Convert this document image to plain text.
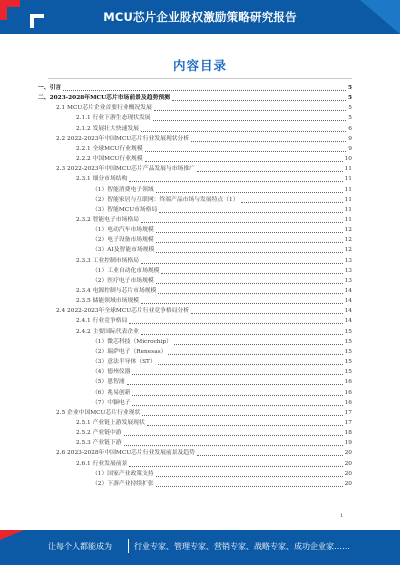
MCU芯片企业股权激励策略研究报告
内容目录
一、引言	5
二、2023-2028年MCU芯片市场前景及趋势预测	5
2.1 MCU芯片企业首要行业概况发展	5
2.1.1 行业下游生态现状发展	5
2.1.2 发展壮大快速发展	6
2.2 2022-2023年中国MCU芯片行业发展现状分析	9
2.2.1 全球MCU行业规模	9
2.2.2 中国MCU行业规模	10
2.3 2022-2023年中国MCU芯片产品发展与市场推广	11
2.3.1 细分市场结构	11
（1）智能消费电子领域	11
（2）智能家居与互联网：终端产品市场与发展特点（1）	11
（3）智能MCU市场格局	11
2.3.2 智能电子市场格局	11
（1）电动汽车市场规模	12
（2）电子设备市场规模	12
（3）AI及智能市场规模	12
2.3.3 工业控制市场格局	13
（1）工业自动化市场规模	13
（2）医疗电子市场规模	13
2.3.4 电源控制与芯片市场规模	14
2.3.5 储能领域市场规模	14
2.4 2022-2023年全球MCU芯片行业竞争格局分析	14
2.4.1 行业竞争格局	14
2.4.2 主要国际代表企业	15
（1）微芯科技（Microchip）	15
（2）瑞萨电子（Renesas）	15
（3）意法半导体（ST）	15
（4）德州仪器	15
（5）恩智浦	16
（6）兆易创新	16
（7）中颖电子	16
2.5 企业中国MCU芯片行业现状	17
2.5.1 产业链上游发展现状	17
2.5.2 产业链中游	18
2.5.3 产业链下游	19
2.6 2023-2028年中国MCU芯片行业发展前景及趋势	20
2.6.1 行业发展前景	20
（1）国家产业政策支持	20
（2）下游产业持续扩张	20
1
让每个人都能成为	行业专家、管理专家、营销专家、战略专家、成功企业家……
